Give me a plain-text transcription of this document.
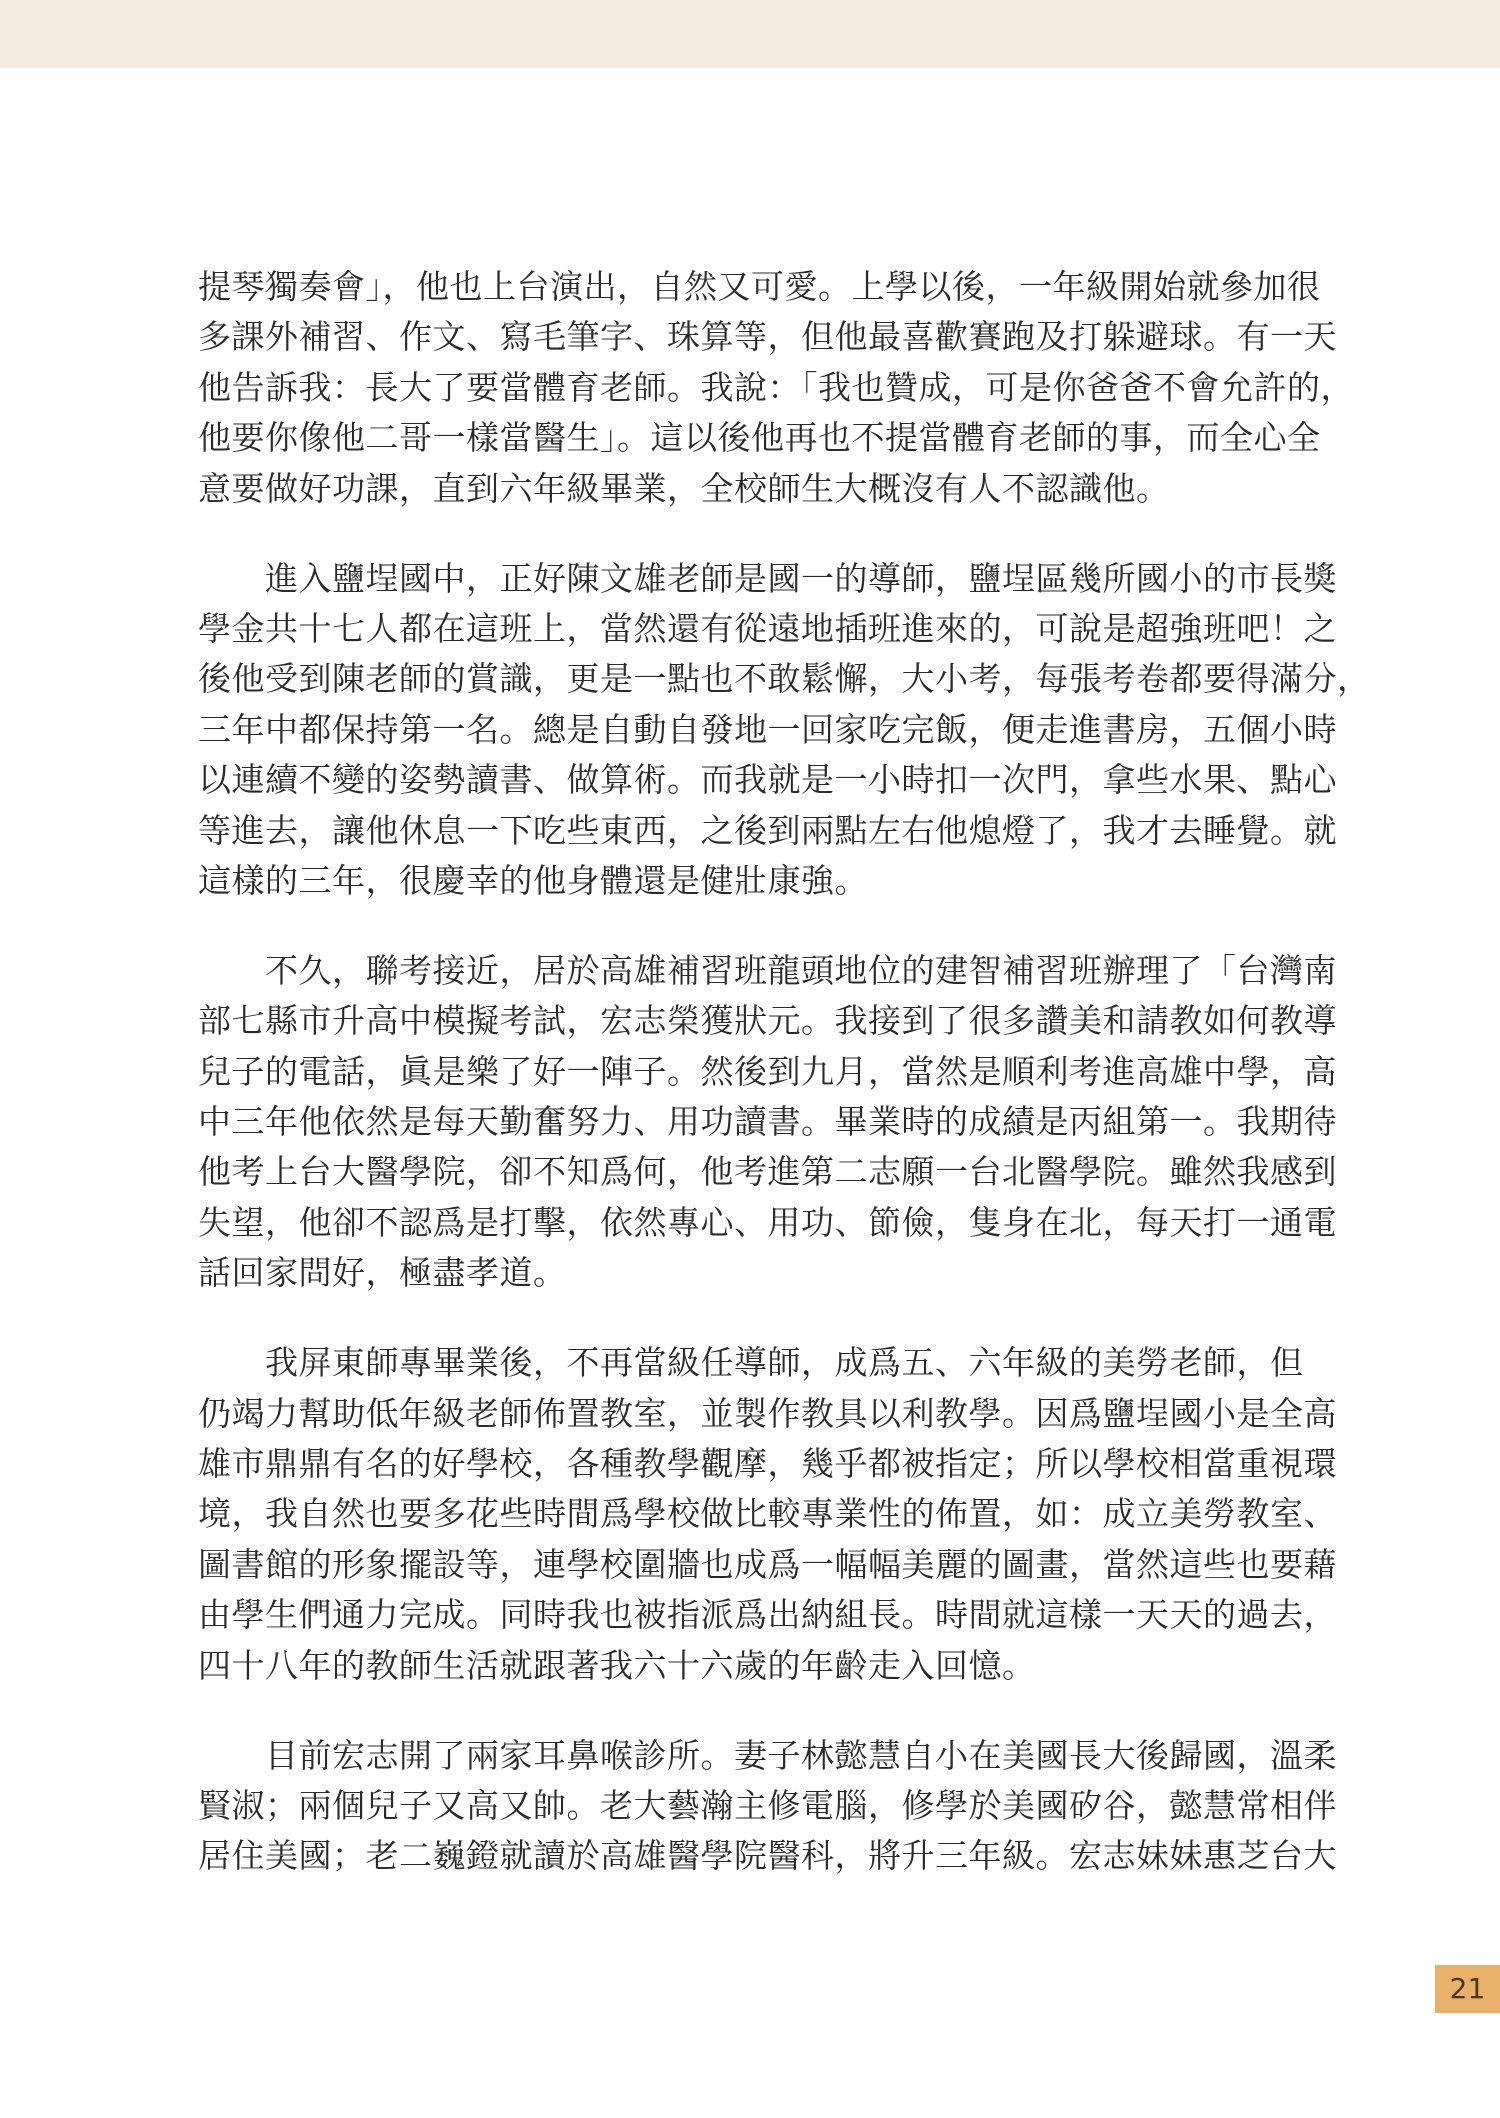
提琴獨奏會」，他也上台演出，自然又可愛。上學以後，一年級開始就參加很
多課外補習、作文、寫毛筆字、珠算等，但他最喜歡賽跑及打躲避球。有一天
他告訴我：長大了要當體育老師。我說：「我也贊成，可是你爸爸不會允許的，
他要你像他二哥一樣當醫生」。這以後他再也不提當體育老師的事，而全心全
意要做好功課，直到六年級畢業，全校師生大概沒有人不認識他。
　　進入鹽埕國中，正好陳文雄老師是國一的導師，鹽埕區幾所國小的市長獎
學金共十七人都在這班上，當然還有從遠地插班進來的，可說是超強班吧！之
後他受到陳老師的賞識，更是一點也不敢鬆懈，大小考，每張考卷都要得滿分，
三年中都保持第一名。總是自動自發地一回家吃完飯，便走進書房，五個小時
以連續不變的姿勢讀書、做算術。而我就是一小時扣一次門，拿些水果、點心
等進去，讓他休息一下吃些東西，之後到兩點左右他熄燈了，我才去睡覺。就
這樣的三年，很慶幸的他身體還是健壯康強。
　　不久，聯考接近，居於高雄補習班龍頭地位的建智補習班辦理了「台灣南
部七縣市升高中模擬考試，宏志榮獲狀元。我接到了很多讚美和請教如何教導
兒子的電話，眞是樂了好一陣子。然後到九月，當然是順利考進高雄中學，高
中三年他依然是每天勤奮努力、用功讀書。畢業時的成績是丙組第一。我期待
他考上台大醫學院，卻不知爲何，他考進第二志願一台北醫學院。雖然我感到
失望，他卻不認爲是打擊，依然專心、用功、節儉，隻身在北，每天打一通電
話回家問好，極盡孝道。
　　我屏東師專畢業後，不再當級任導師，成爲五、六年級的美勞老師，但
仍竭力幫助低年級老師佈置教室，並製作教具以利教學。因爲鹽埕國小是全高
雄市鼎鼎有名的好學校，各種教學觀摩，幾乎都被指定；所以學校相當重視環
境，我自然也要多花些時間爲學校做比較專業性的佈置，如：成立美勞教室、
圖書館的形象擺設等，連學校圍牆也成爲一幅幅美麗的圖畫，當然這些也要藉
由學生們通力完成。同時我也被指派爲出納組長。時間就這樣一天天的過去，
四十八年的教師生活就跟著我六十六歲的年齡走入回憶。
　　目前宏志開了兩家耳鼻喉診所。妻子林懿慧自小在美國長大後歸國，溫柔
賢淑；兩個兒子又高又帥。老大藝瀚主修電腦，修學於美國矽谷，懿慧常相伴
居住美國；老二巍鐙就讀於高雄醫學院醫科，將升三年級。宏志妹妹惠芝台大
21
